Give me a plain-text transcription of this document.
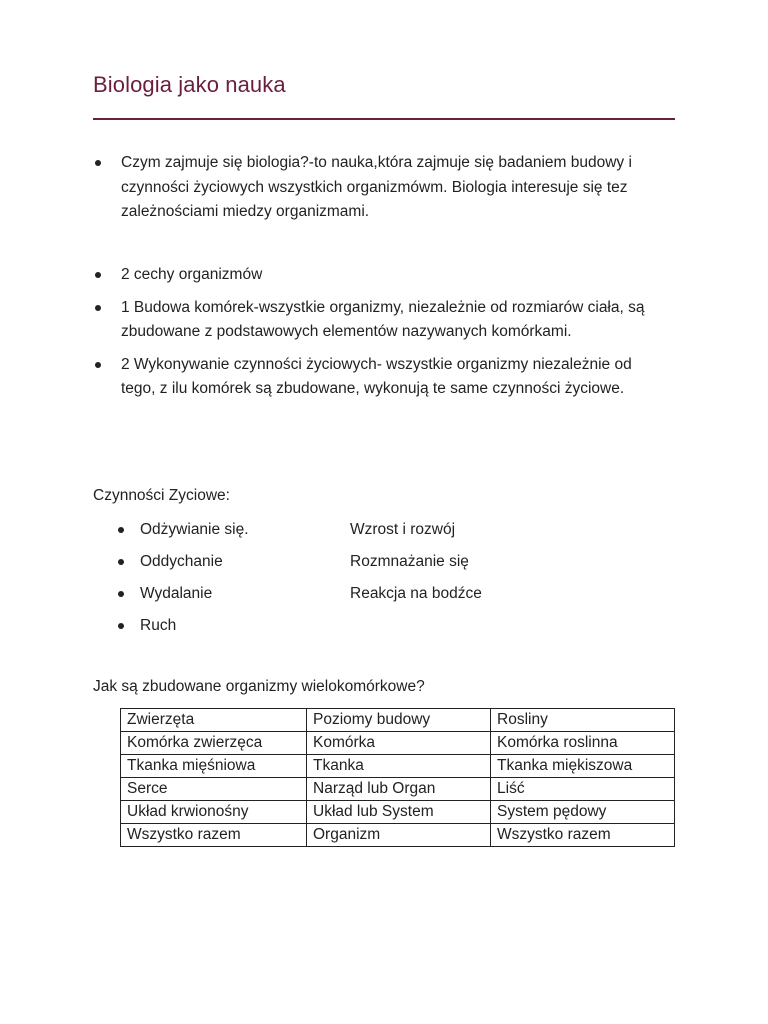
Biologia jako nauka
Czym zajmuje się biologia?-to nauka,która zajmuje się badaniem budowy i czynności życiowych wszystkich organizmówm. Biologia interesuje się tez zależnościami miedzy organizmami.
2 cechy organizmów
1 Budowa komórek-wszystkie organizmy, niezależnie od rozmiarów ciała, są zbudowane z podstawowych elementów nazywanych komórkami.
2 Wykonywanie czynności życiowych- wszystkie organizmy niezależnie od tego, z ilu komórek są zbudowane, wykonują te same czynności życiowe.
Czynności Zyciowe:
Odżywianie się.	Wzrost i rozwój
Oddychanie	Rozmnażanie się
Wydalanie	Reakcja na bodźce
Ruch
Jak są zbudowane organizmy wielokomórkowe?
Zwierzęta	Poziomy budowy	Rosliny
Komórka zwierzęca	Komórka	Komórka roslinna
Tkanka mięśniowa	Tkanka	Tkanka miękiszowa
Serce	Narząd lub Organ	Liść
Układ krwionośny	Układ lub System	System pędowy
Wszystko razem	Organizm	Wszystko razem
